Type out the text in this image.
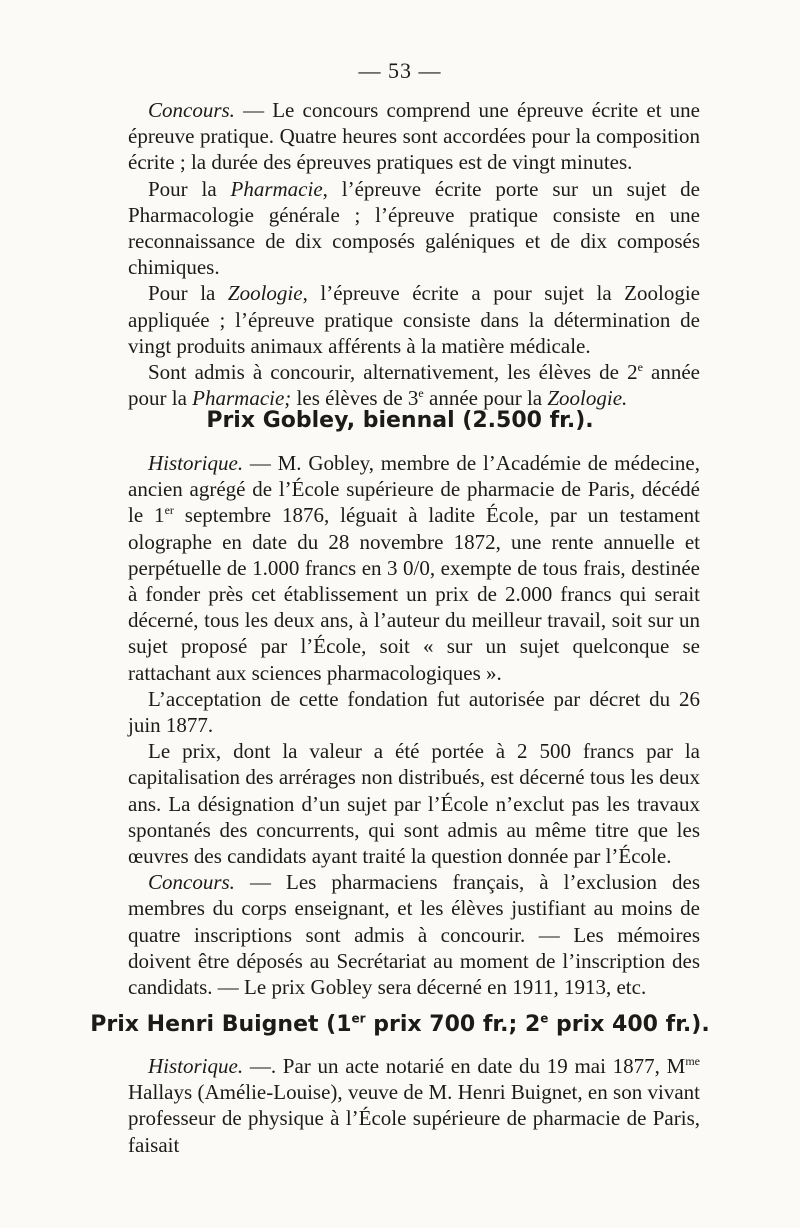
— 53 —

Concours. — Le concours comprend une épreuve écrite et une épreuve pratique. Quatre heures sont accordées pour la composition écrite ; la durée des épreuves pratiques est de vingt minutes.

Pour la Pharmacie, l’épreuve écrite porte sur un sujet de Pharmacologie générale ; l’épreuve pratique consiste en une reconnaissance de dix composés galéniques et de dix composés chimiques.

Pour la Zoologie, l’épreuve écrite a pour sujet la Zoologie appliquée ; l’épreuve pratique consiste dans la détermination de vingt produits animaux afférents à la matière médicale.

Sont admis à concourir, alternativement, les élèves de 2e année pour la Pharmacie; les élèves de 3e année pour la Zoologie.

Prix Gobley, biennal (2.500 fr.).

Historique. — M. Gobley, membre de l’Académie de médecine, ancien agrégé de l’École supérieure de pharmacie de Paris, décédé le 1er septembre 1876, léguait à ladite École, par un testament olographe en date du 28 novembre 1872, une rente annuelle et perpétuelle de 1.000 francs en 3 0/0, exempte de tous frais, destinée à fonder près cet établissement un prix de 2.000 francs qui serait décerné, tous les deux ans, à l’auteur du meilleur travail, soit sur un sujet proposé par l’École, soit « sur un sujet quelconque se rattachant aux sciences pharmacologiques ».

L’acceptation de cette fondation fut autorisée par décret du 26 juin 1877.

Le prix, dont la valeur a été portée à 2 500 francs par la capitalisation des arrérages non distribués, est décerné tous les deux ans. La désignation d’un sujet par l’École n’exclut pas les travaux spontanés des concurrents, qui sont admis au même titre que les œuvres des candidats ayant traité la question donnée par l’École.

Concours. — Les pharmaciens français, à l’exclusion des membres du corps enseignant, et les élèves justifiant au moins de quatre inscriptions sont admis à concourir. — Les mémoires doivent être déposés au Secrétariat au moment de l’inscription des candidats. — Le prix Gobley sera décerné en 1911, 1913, etc.

Prix Henri Buignet (1er prix 700 fr.; 2e prix 400 fr.).

Historique. —. Par un acte notarié en date du 19 mai 1877, $M^{me}$ Hallays (Amélie-Louise), veuve de M. Henri Buignet, en son vivant professeur de physique à l’École supérieure de pharmacie de Paris, faisait
